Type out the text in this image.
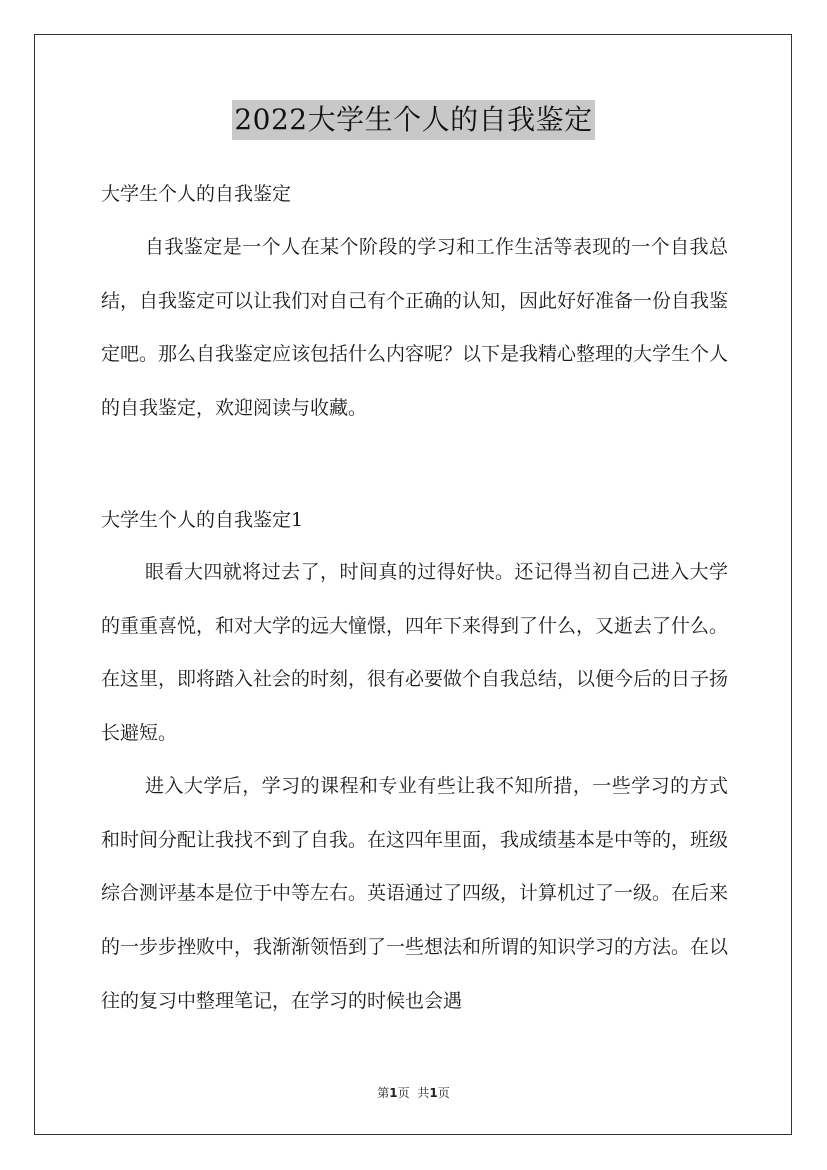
2022大学生个人的自我鉴定

大学生个人的自我鉴定

自我鉴定是一个人在某个阶段的学习和工作生活等表现的一个自我总结，自我鉴定可以让我们对自己有个正确的认知，因此好好准备一份自我鉴定吧。那么自我鉴定应该包括什么内容呢？以下是我精心整理的大学生个人的自我鉴定，欢迎阅读与收藏。

大学生个人的自我鉴定1

眼看大四就将过去了，时间真的过得好快。还记得当初自己进入大学的重重喜悦，和对大学的远大憧憬，四年下来得到了什么，又逝去了什么。在这里，即将踏入社会的时刻，很有必要做个自我总结，以便今后的日子扬长避短。

进入大学后，学习的课程和专业有些让我不知所措，一些学习的方式和时间分配让我找不到了自我。在这四年里面，我成绩基本是中等的，班级综合测评基本是位于中等左右。英语通过了四级，计算机过了一级。在后来的一步步挫败中，我渐渐领悟到了一些想法和所谓的知识学习的方法。在以往的复习中整理笔记，在学习的时候也会遇

第1页 共1页
